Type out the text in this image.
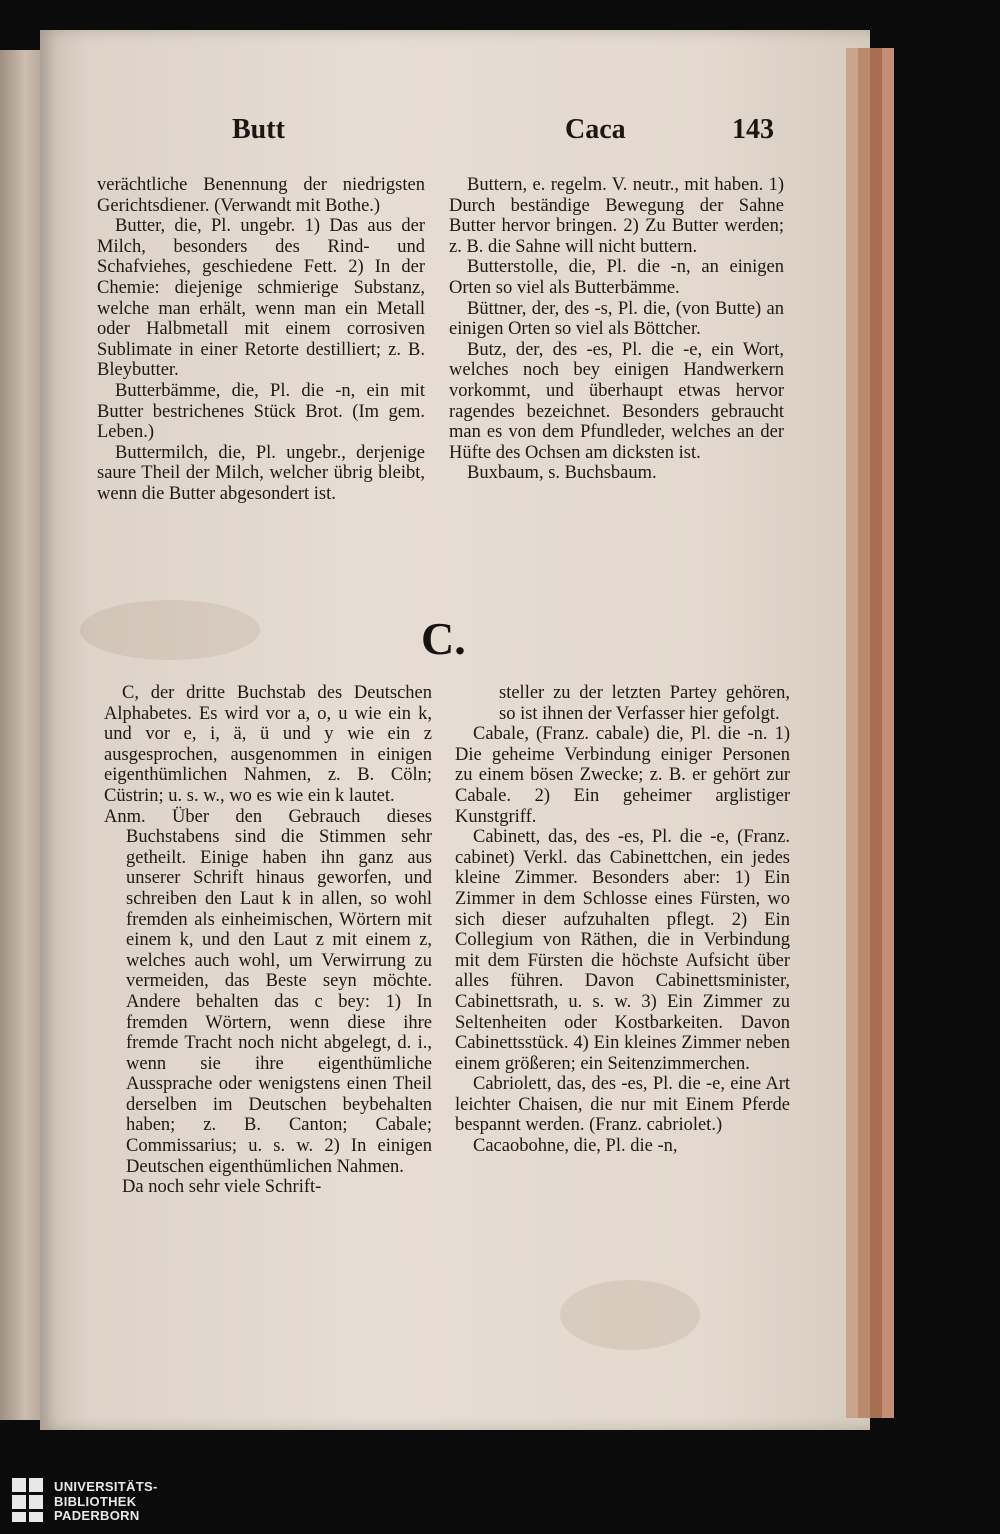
Butt	Caca	143

verächtliche Benennung der niedrigsten Gerichtsdiener. (Verwandt mit Bothe.)

Butter, die, Pl. ungebr. 1) Das aus der Milch, besonders des Rind- und Schafviehes, geschiedene Fett. 2) In der Chemie: diejenige schmierige Substanz, welche man erhält, wenn man ein Metall oder Halbmetall mit einem corrosiven Sublimate in einer Retorte destilliert; z. B. Bleybutter.

Butterbämme, die, Pl. die -n, ein mit Butter bestrichenes Stück Brot. (Im gem. Leben.)

Buttermilch, die, Pl. ungebr., derjenige saure Theil der Milch, welcher übrig bleibt, wenn die Butter abgesondert ist.

Buttern, e. regelm. V. neutr., mit haben. 1) Durch beständige Bewegung der Sahne Butter hervor bringen. 2) Zu Butter werden; z. B. die Sahne will nicht buttern.

Butterstolle, die, Pl. die -n, an einigen Orten so viel als Butterbämme.

Büttner, der, des -s, Pl. die, (von Butte) an einigen Orten so viel als Böttcher.

Butz, der, des -es, Pl. die -e, ein Wort, welches noch bey einigen Handwerkern vorkommt, und überhaupt etwas hervor ragendes bezeichnet. Besonders gebraucht man es von dem Pfundleder, welches an der Hüfte des Ochsen am dicksten ist.

Buxbaum, s. Buchsbaum.

C.

C, der dritte Buchstab des Deutschen Alphabetes. Es wird vor a, o, u wie ein k, und vor e, i, ä, ü und y wie ein z ausgesprochen, ausgenommen in einigen eigenthümlichen Nahmen, z. B. Cöln; Cüstrin; u. s. w., wo es wie ein k lautet.

Anm. Über den Gebrauch dieses Buchstabens sind die Stimmen sehr getheilt. Einige haben ihn ganz aus unserer Schrift hinaus geworfen, und schreiben den Laut k in allen, so wohl fremden als einheimischen, Wörtern mit einem k, und den Laut z mit einem z, welches auch wohl, um Verwirrung zu vermeiden, das Beste seyn möchte. Andere behalten das c bey: 1) In fremden Wörtern, wenn diese ihre fremde Tracht noch nicht abgelegt, d. i., wenn sie ihre eigenthümliche Aussprache oder wenigstens einen Theil derselben im Deutschen beybehalten haben; z. B. Canton; Cabale; Commissarius; u. s. w. 2) In einigen Deutschen eigenthümlichen Nahmen.

Da noch sehr viele Schrift-

steller zu der letzten Partey gehören, so ist ihnen der Verfasser hier gefolgt.

Cabale, (Franz. cabale) die, Pl. die -n. 1) Die geheime Verbindung einiger Personen zu einem bösen Zwecke; z. B. er gehört zur Cabale. 2) Ein geheimer arglistiger Kunstgriff.

Cabinett, das, des -es, Pl. die -e, (Franz. cabinet) Verkl. das Cabinettchen, ein jedes kleine Zimmer. Besonders aber: 1) Ein Zimmer in dem Schlosse eines Fürsten, wo sich dieser aufzuhalten pflegt. 2) Ein Collegium von Räthen, die in Verbindung mit dem Fürsten die höchste Aufsicht über alles führen. Davon Cabinettsminister, Cabinettsrath, u. s. w. 3) Ein Zimmer zu Seltenheiten oder Kostbarkeiten. Davon Cabinettsstück. 4) Ein kleines Zimmer neben einem größeren; ein Seitenzimmerchen.

Cabriolett, das, des -es, Pl. die -e, eine Art leichter Chaisen, die nur mit Einem Pferde bespannt werden. (Franz. cabriolet.)

Cacaobohne, die, Pl. die -n,

UNIVERSITÄTS-
BIBLIOTHEK
PADERBORN
